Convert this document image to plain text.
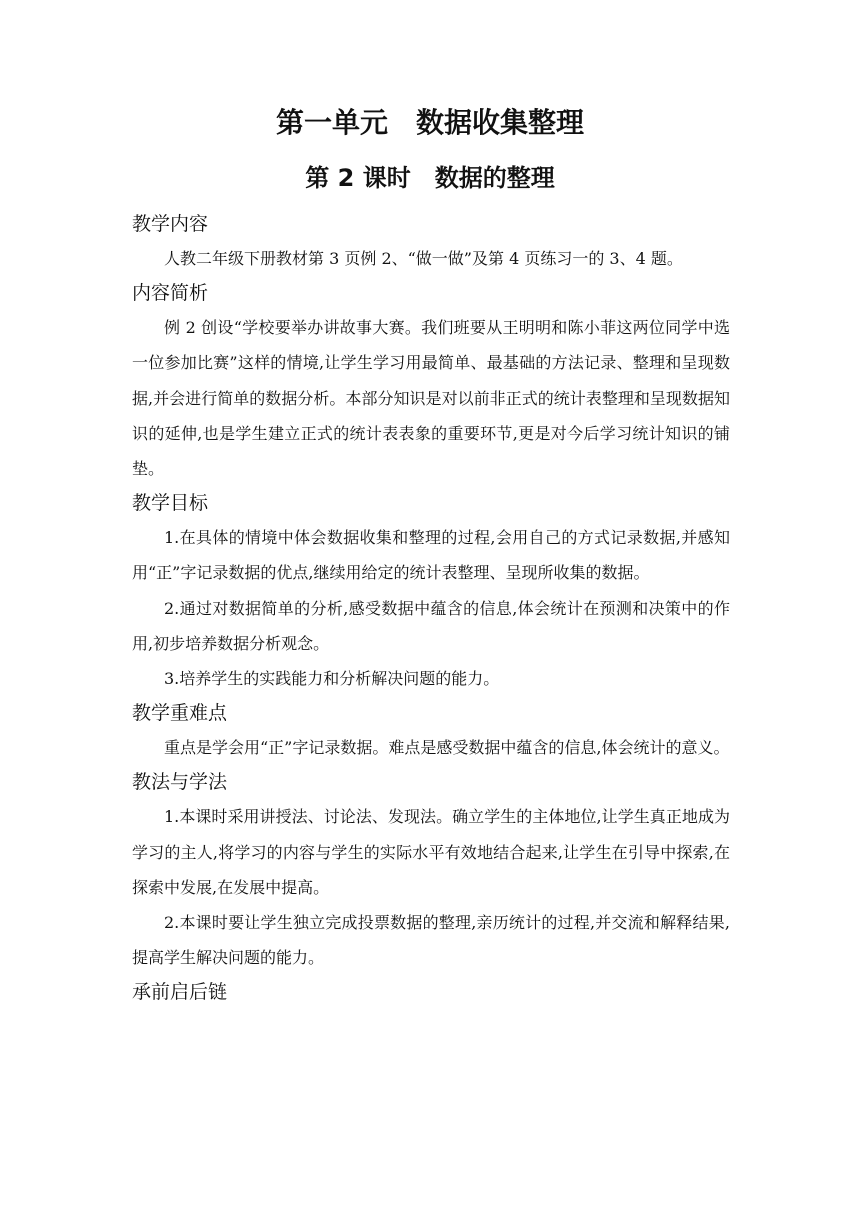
第一单元　数据收集整理
第 2 课时　数据的整理
教学内容

人教二年级下册教材第 3 页例 2、“做一做”及第 4 页练习一的 3、4 题。

内容简析

例 2 创设“学校要举办讲故事大赛。我们班要从王明明和陈小菲这两位同学中选一位参加比赛”这样的情境,让学生学习用最简单、最基础的方法记录、整理和呈现数据,并会进行简单的数据分析。本部分知识是对以前非正式的统计表整理和呈现数据知识的延伸,也是学生建立正式的统计表表象的重要环节,更是对今后学习统计知识的铺垫。

教学目标

1.在具体的情境中体会数据收集和整理的过程,会用自己的方式记录数据,并感知用“正”字记录数据的优点,继续用给定的统计表整理、呈现所收集的数据。

2.通过对数据简单的分析,感受数据中蕴含的信息,体会统计在预测和决策中的作用,初步培养数据分析观念。

3.培养学生的实践能力和分析解决问题的能力。

教学重难点

重点是学会用“正”字记录数据。难点是感受数据中蕴含的信息,体会统计的意义。

教法与学法

1.本课时采用讲授法、讨论法、发现法。确立学生的主体地位,让学生真正地成为学习的主人,将学习的内容与学生的实际水平有效地结合起来,让学生在引导中探索,在探索中发展,在发展中提高。

2.本课时要让学生独立完成投票数据的整理,亲历统计的过程,并交流和解释结果,提高学生解决问题的能力。

承前启后链
